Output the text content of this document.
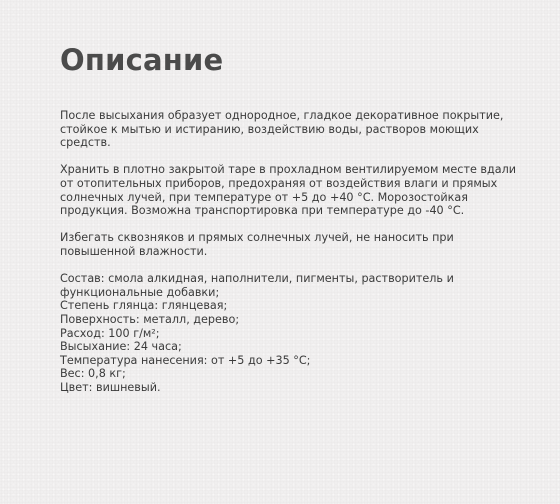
Описание

После высыхания образует однородное, гладкое декоративное покрытие, стойкое к мытью и истиранию, воздействию воды, растворов моющих средств.

Хранить в плотно закрытой таре в прохладном вентилируемом месте вдали от отопительных приборов, предохраняя от воздействия влаги и прямых солнечных лучей, при температуре от +5 до +40 °С. Морозостойкая продукция. Возможна транспортировка при температуре до -40 °С.

Избегать сквозняков и прямых солнечных лучей, не наносить при повышенной влажности.

Состав: смола алкидная, наполнители, пигменты, растворитель и функциональные добавки;
Степень глянца: глянцевая;
Поверхность: металл, дерево;
Расход: 100 г/м²;
Высыхание: 24 часа;
Температура нанесения: от +5 до +35 °С;
Вес: 0,8 кг;
Цвет: вишневый.
